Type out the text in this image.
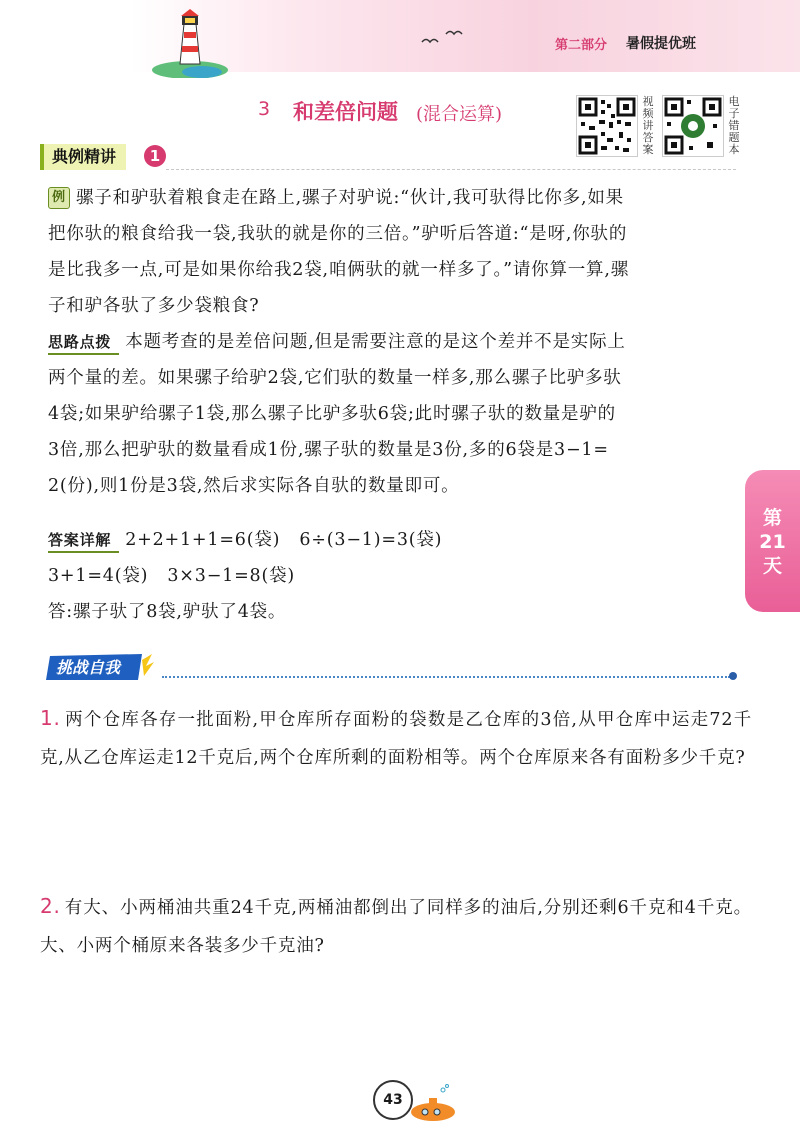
第二部分 暑假提优班
3 和差倍问题 (混合运算)
视频讲答案
电子错题本
典例精讲	1

例 骡子和驴驮着粮食走在路上,骡子对驴说:“伙计,我可驮得比你多,如果

把你驮的粮食给我一袋,我驮的就是你的三倍。”驴听后答道:“是呀,你驮的

是比我多一点,可是如果你给我2袋,咱俩驮的就一样多了。”请你算一算,骡

子和驴各驮了多少袋粮食?

思路点拨 本题考查的是差倍问题,但是需要注意的是这个差并不是实际上

两个量的差。如果骡子给驴2袋,它们驮的数量一样多,那么骡子比驴多驮

4袋;如果驴给骡子1袋,那么骡子比驴多驮6袋;此时骡子驮的数量是驴的

3倍,那么把驴驮的数量看成1份,骡子驮的数量是3份,多的6袋是3−1=

2(份),则1份是3袋,然后求实际各自驮的数量即可。

答案详解 2+2+1+1=6(袋)   6÷(3−1)=3(袋)

3+1=4(袋)   3×3−1=8(袋)

答:骡子驮了8袋,驴驮了4袋。

挑战自我
1. 两个仓库各存一批面粉,甲仓库所存面粉的袋数是乙仓库的3倍,从甲仓库中运走72千克,从乙仓库运走12千克后,两个仓库所剩的面粉相等。两个仓库原来各有面粉多少千克?
2. 有大、小两桶油共重24千克,两桶油都倒出了同样多的油后,分别还剩6千克和4千克。大、小两个桶原来各装多少千克油?
第
21
天
43
